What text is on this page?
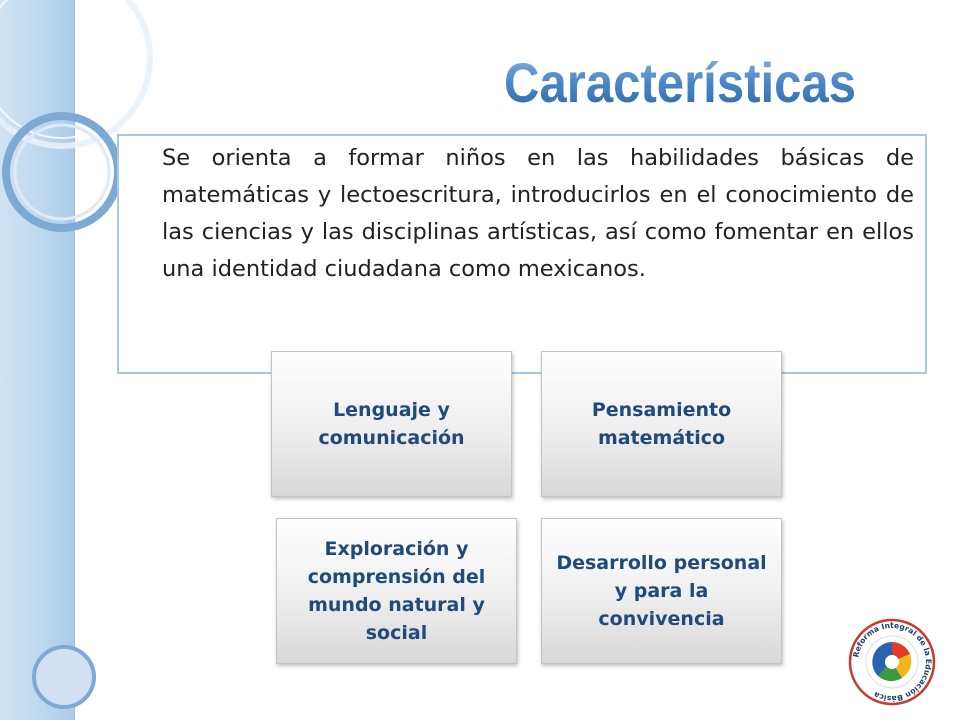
Características

Se orienta a formar niños en las habilidades básicas de matemáticas y lectoescritura, introducirlos en el conocimiento de las ciencias y las disciplinas artísticas, así como fomentar en ellos una identidad ciudadana como mexicanos.

Lenguaje y comunicación
Pensamiento matemático
Exploración y comprensión del mundo natural y social
Desarrollo personal y para la convivencia
Reforma Integral de la Educación Básica
